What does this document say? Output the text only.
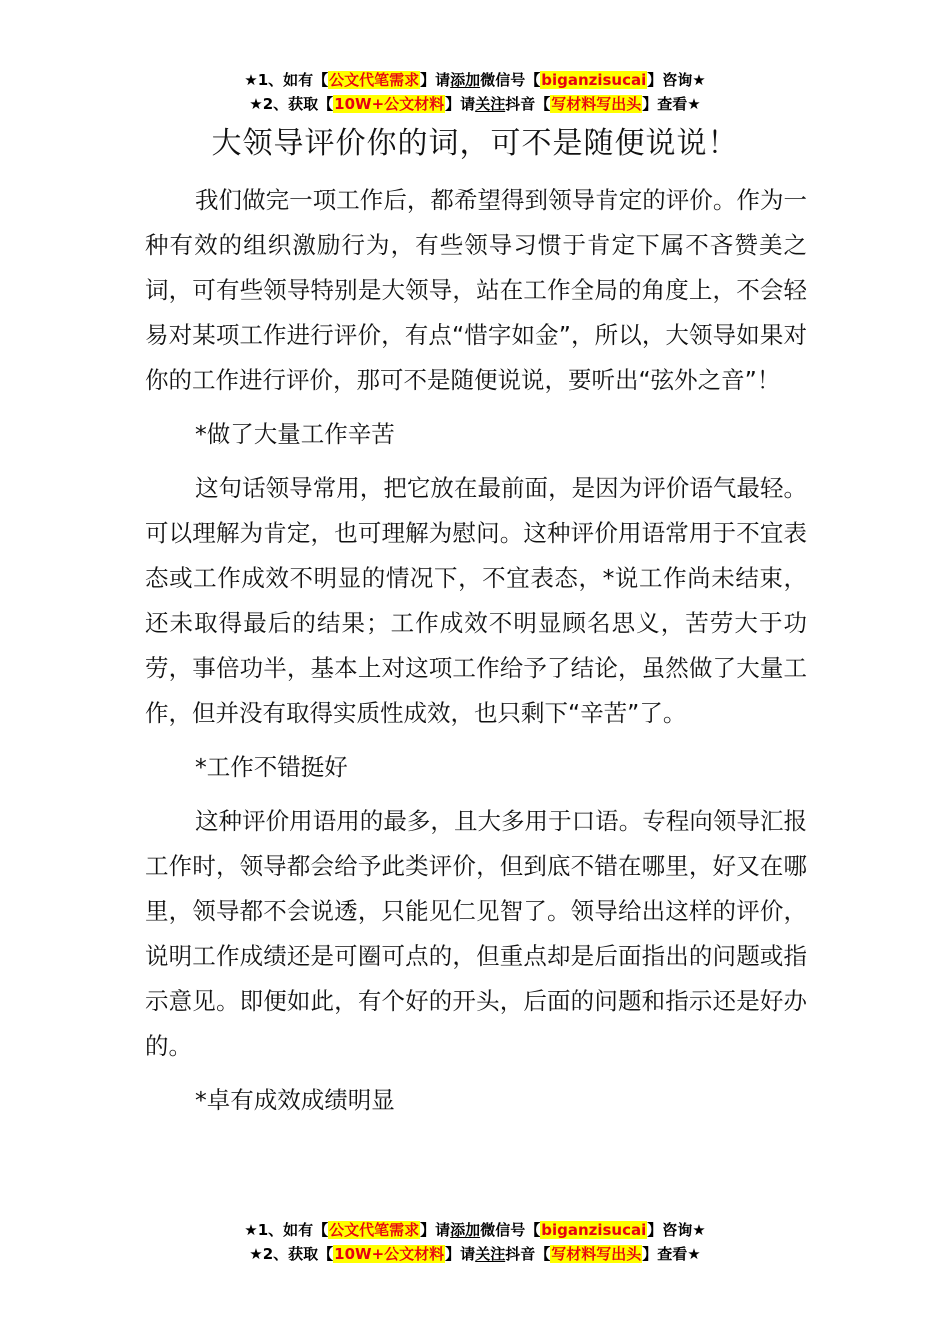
★1、如有【公文代笔需求】请添加微信号【biganzisucai】咨询★
★2、获取【10W+公文材料】请关注抖音【写材料写出头】查看★
大领导评价你的词，可不是随便说说！

我们做完一项工作后，都希望得到领导肯定的评价。作为一种有效的组织激励行为，有些领导习惯于肯定下属不吝赞美之词，可有些领导特别是大领导，站在工作全局的角度上，不会轻易对某项工作进行评价，有点“惜字如金”，所以，大领导如果对你的工作进行评价，那可不是随便说说，要听出“弦外之音”！

*做了大量工作辛苦

这句话领导常用，把它放在最前面，是因为评价语气最轻。可以理解为肯定，也可理解为慰问。这种评价用语常用于不宜表态或工作成效不明显的情况下，不宜表态，*说工作尚未结束，还未取得最后的结果；工作成效不明显顾名思义，苦劳大于功劳，事倍功半，基本上对这项工作给予了结论，虽然做了大量工作，但并没有取得实质性成效，也只剩下“辛苦”了。

*工作不错挺好

这种评价用语用的最多，且大多用于口语。专程向领导汇报工作时，领导都会给予此类评价，但到底不错在哪里，好又在哪里，领导都不会说透，只能见仁见智了。领导给出这样的评价，说明工作成绩还是可圈可点的，但重点却是后面指出的问题或指示意见。即便如此，有个好的开头，后面的问题和指示还是好办的。

*卓有成效成绩明显

★1、如有【公文代笔需求】请添加微信号【biganzisucai】咨询★
★2、获取【10W+公文材料】请关注抖音【写材料写出头】查看★
